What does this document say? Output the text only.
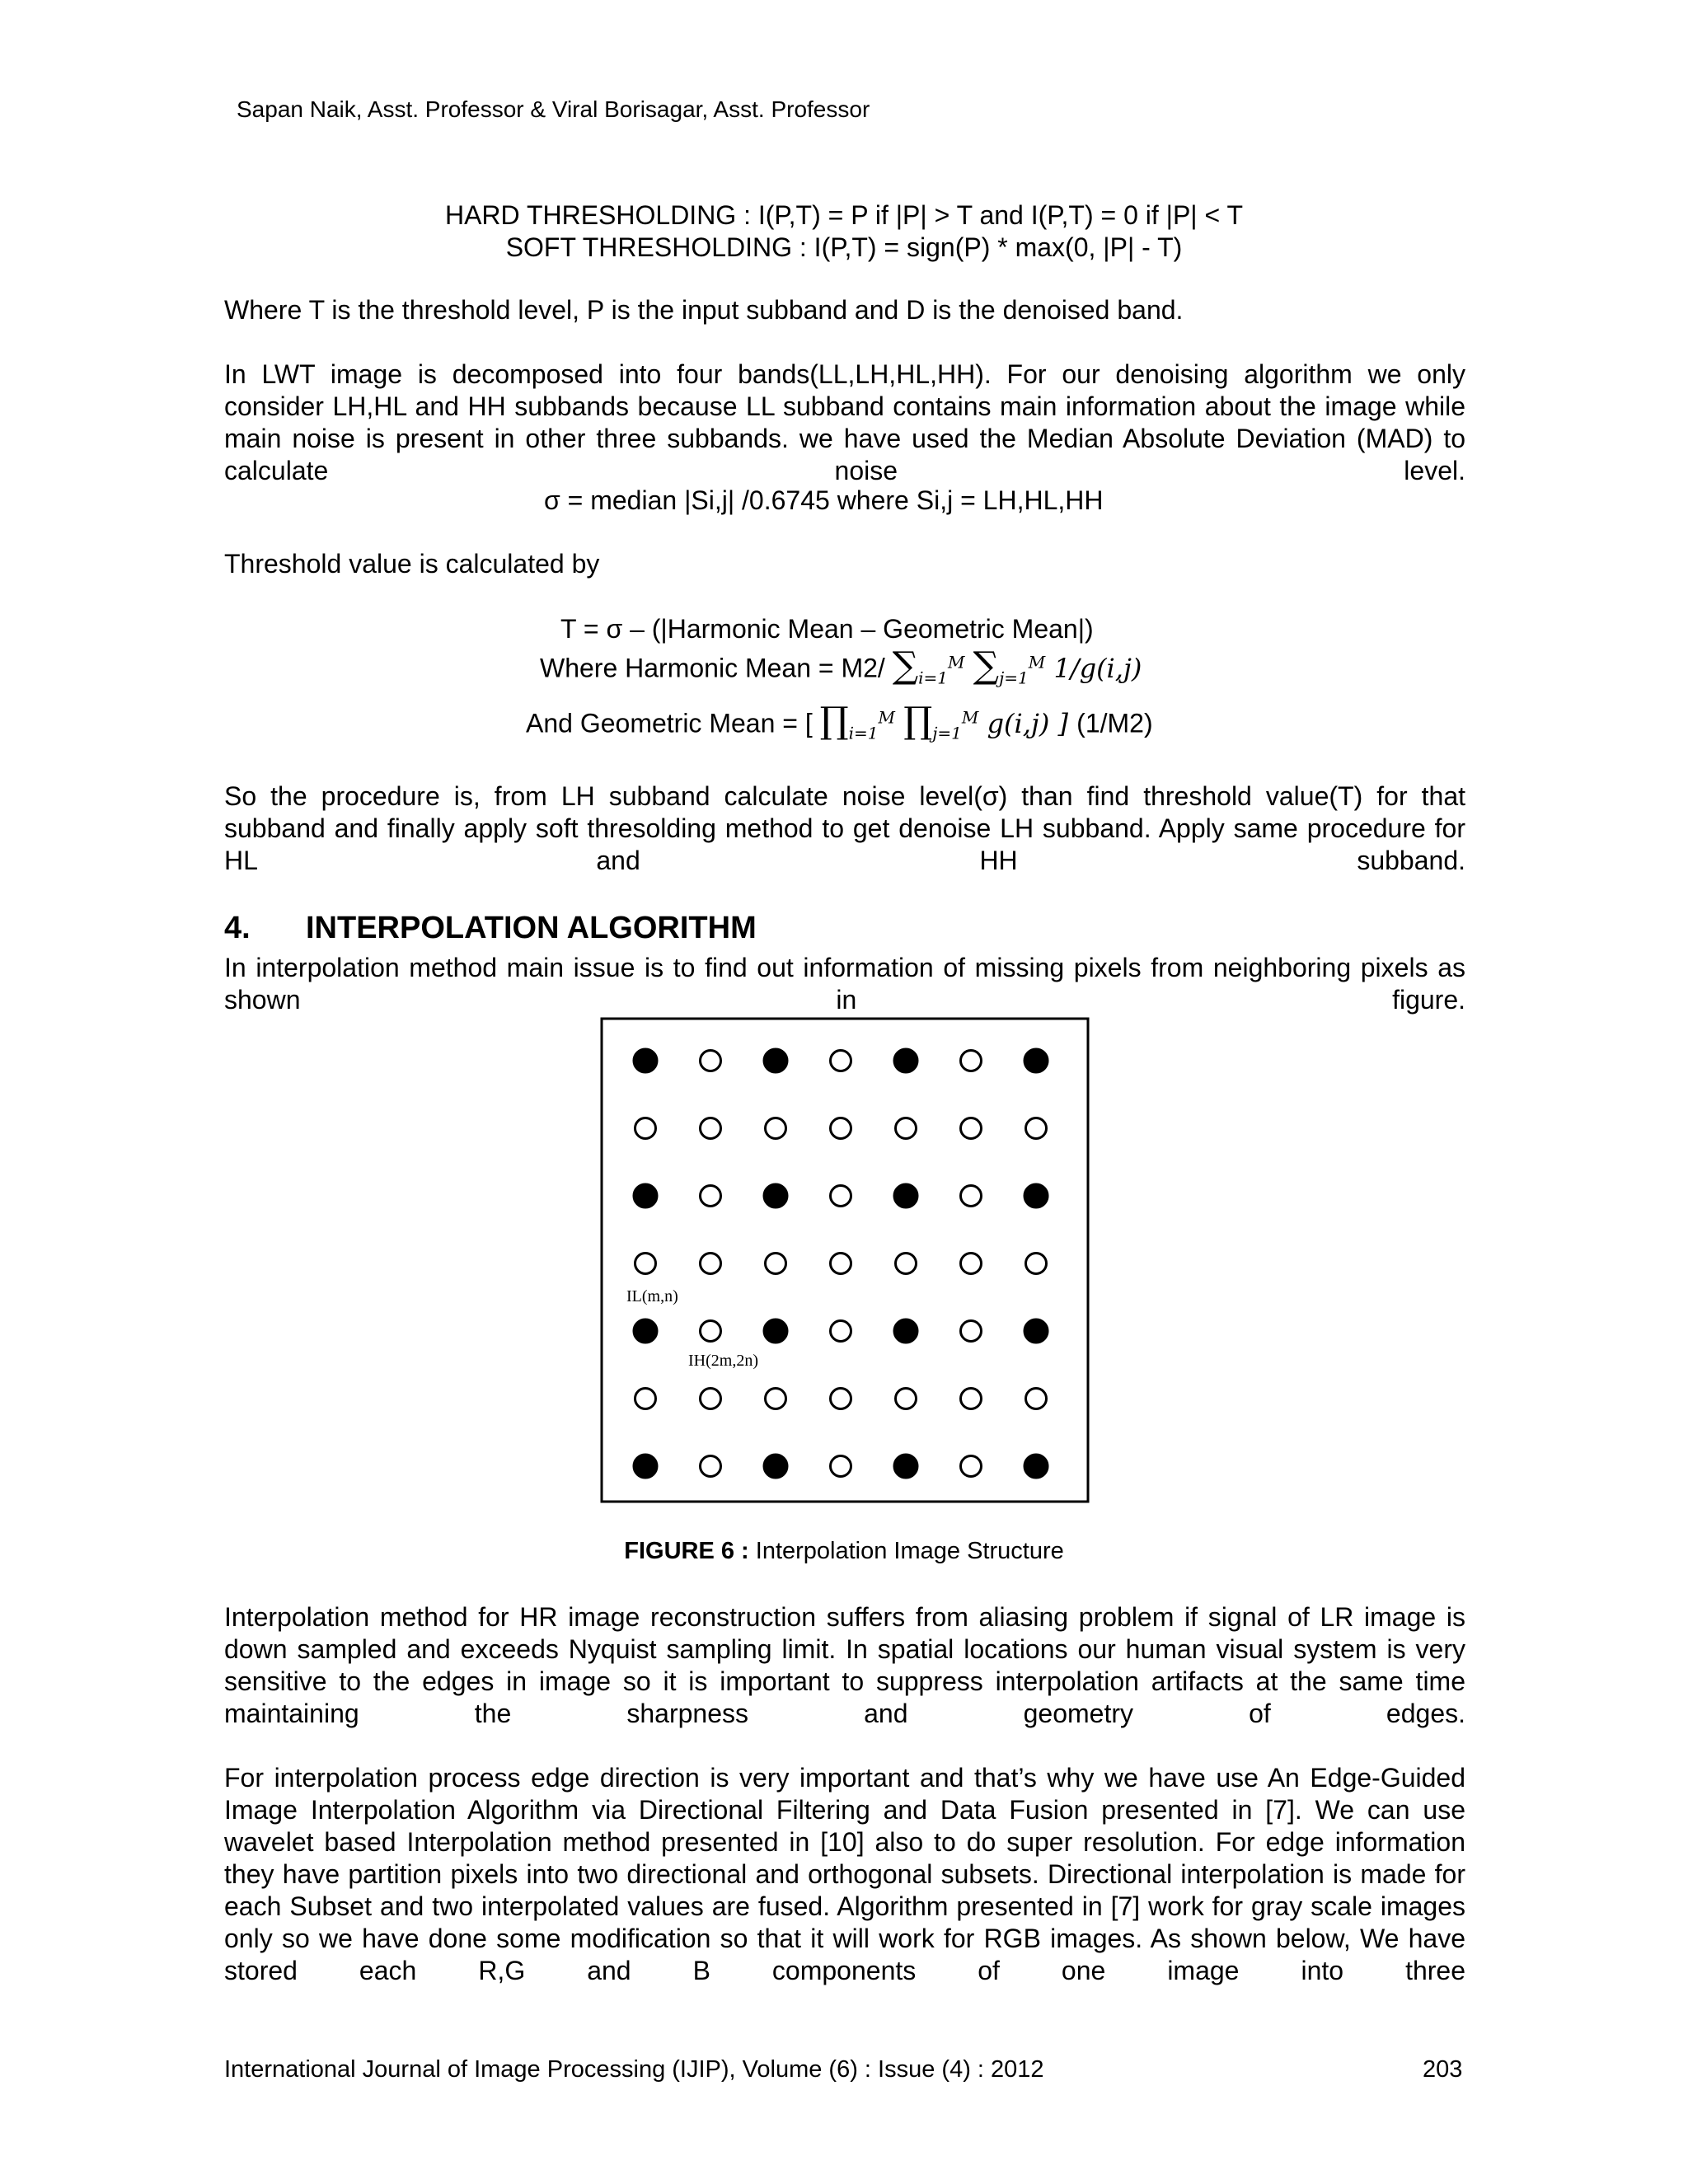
Sapan Naik, Asst. Professor & Viral Borisagar, Asst. Professor

HARD THRESHOLDING : I(P,T) = P if |P| > T and I(P,T) = 0 if |P| < T

SOFT THRESHOLDING : I(P,T) = sign(P) * max(0, |P| - T)

Where T is the threshold level, P is the input subband and D is the denoised band.

In LWT image is decomposed into four bands(LL,LH,HL,HH). For our denoising algorithm we only consider LH,HL and HH subbands because LL subband contains main information about the image while main noise is present in other three subbands. we have used the Median Absolute Deviation (MAD) to calculate noise level.

σ = median |Si,j| /0.6745 where Si,j = LH,HL,HH

Threshold value is calculated by

T = σ – (|Harmonic Mean – Geometric Mean|)

Where Harmonic Mean = M2/ $\sum_{i=1}^M$ $\sum_{j=1}^M$ 1/g(i,j)
And Geometric Mean = [ $\prod_{i=1}^M$ $\prod_{j=1}^M$ g(i,j) ] (1/M2)

So the procedure is, from LH subband calculate noise level(σ) than find threshold value(T) for that subband and finally apply soft thresolding method to get denoise LH subband. Apply same procedure for HL and HH subband.

4. INTERPOLATION ALGORITHM

In interpolation method main issue is to find out information of missing pixels from neighboring pixels as shown in figure.

IL(m,n)
IH(2m,2n)

FIGURE 6 : Interpolation Image Structure

Interpolation method for HR image reconstruction suffers from aliasing problem if signal of LR image is down sampled and exceeds Nyquist sampling limit. In spatial locations our human visual system is very sensitive to the edges in image so it is important to suppress interpolation artifacts at the same time maintaining the sharpness and geometry of edges.

For interpolation process edge direction is very important and that’s why we have use An Edge-Guided Image Interpolation Algorithm via Directional Filtering and Data Fusion presented in [7]. We can use wavelet based Interpolation method presented in [10] also to do super resolution. For edge information they have partition pixels into two directional and orthogonal subsets. Directional interpolation is made for each Subset and two interpolated values are fused. Algorithm presented in [7] work for gray scale images only so we have done some modification so that it will work for RGB images. As shown below, We have stored each R,G and B components of one image into three

International Journal of Image Processing (IJIP), Volume (6) : Issue (4) : 2012	203
